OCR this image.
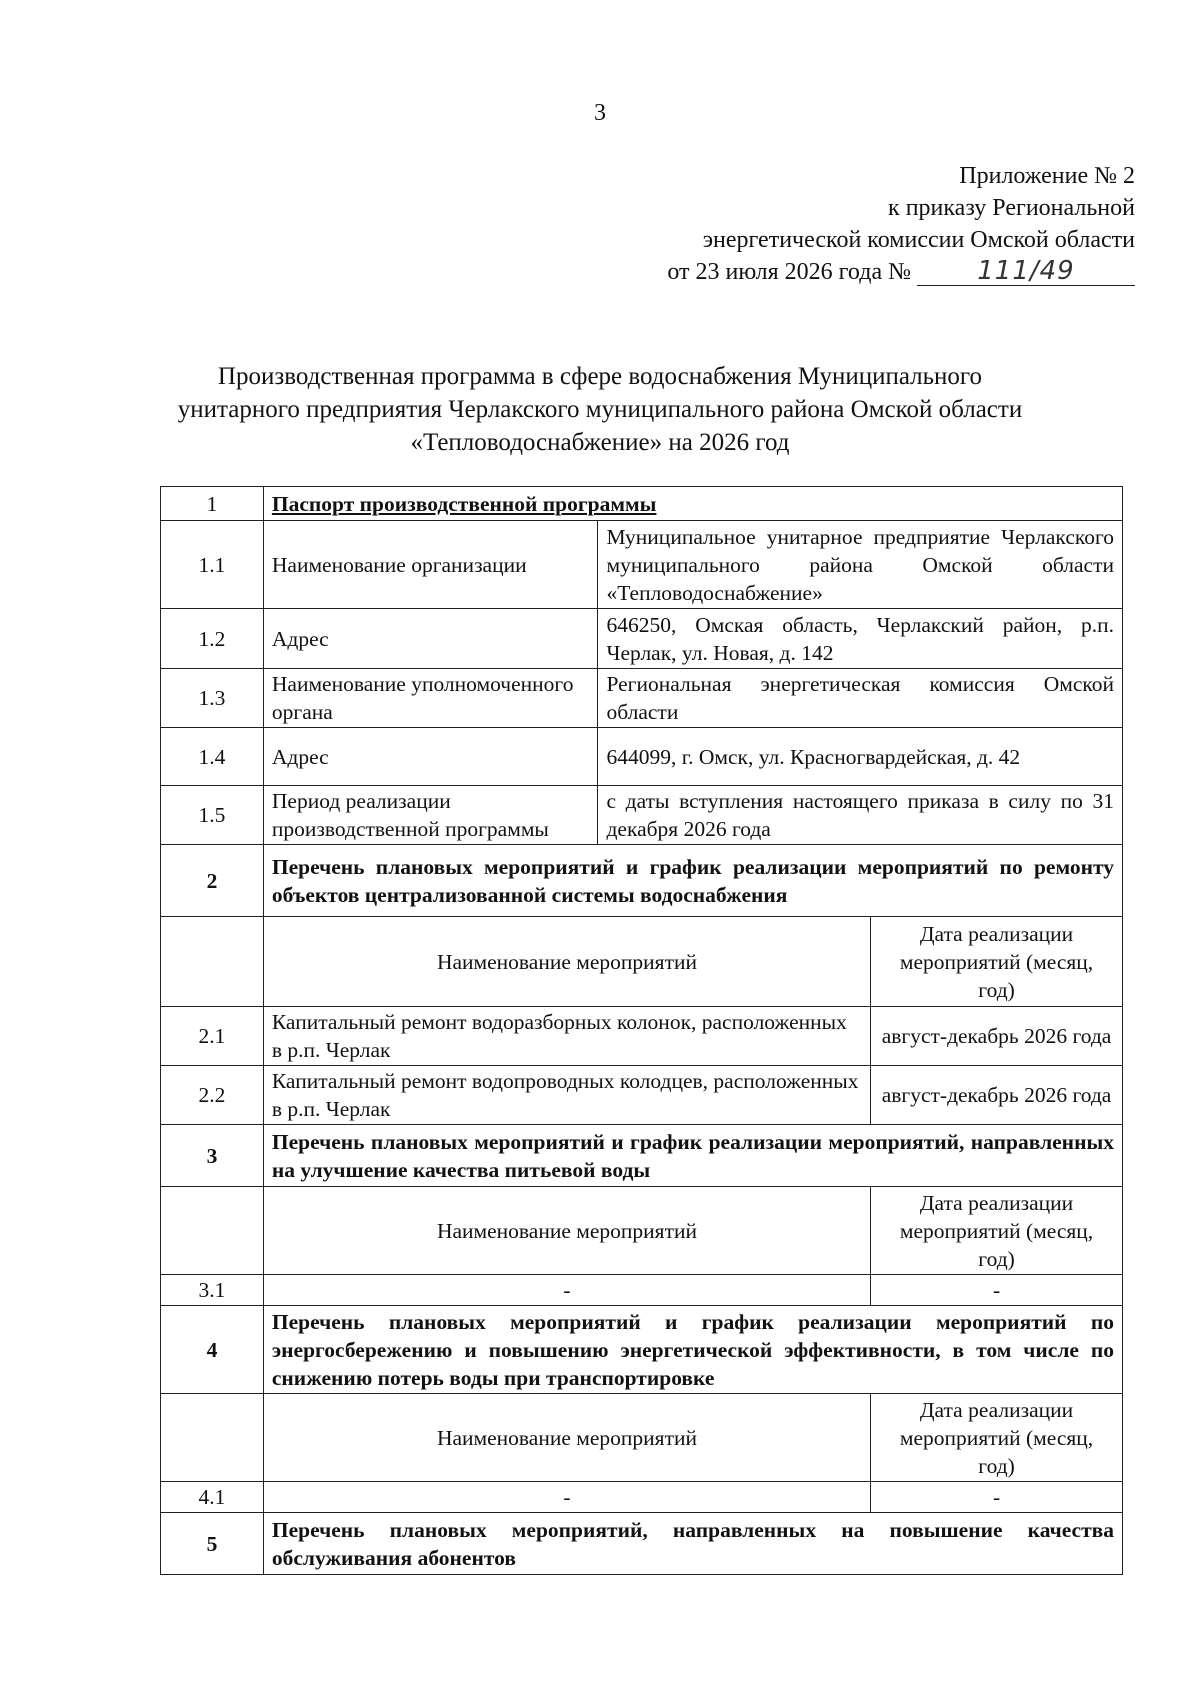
3
Приложение № 2
к приказу Региональной
энергетической комиссии Омской области
от 23 июля 2026 года №	111/49
Производственная программа в сфере водоснабжения Муниципального
унитарного предприятия Черлакского муниципального района Омской области
«Тепловодоснабжение» на 2026 год
1	Паспорт производственной программы		
1.1	Наименование организации	Муниципальное унитарное предприятие Черлакского муниципального района Омской области «Тепловодоснабжение»	
1.2	Адрес	646250, Омская область, Черлакский район, р.п. Черлак, ул. Новая, д. 142	
1.3	Наименование уполномоченного органа	Региональная энергетическая комиссия Омской области	
1.4	Адрес	644099, г. Омск, ул. Красногвардейская, д. 42	
1.5	Период реализации производственной программы	с даты вступления настоящего приказа в силу по 31 декабря 2026 года	
2	Перечень плановых мероприятий и график реализации мероприятий по ремонту объектов централизованной системы водоснабжения		
	Наименование мероприятий		Дата реализации мероприятий (месяц, год)
2.1	Капитальный ремонт водоразборных колонок, расположенных в р.п. Черлак		август-декабрь 2026 года
2.2	Капитальный ремонт водопроводных колодцев, расположенных в р.п. Черлак		август-декабрь 2026 года
3	Перечень плановых мероприятий и график реализации мероприятий, направленных на улучшение качества питьевой воды		
	Наименование мероприятий		Дата реализации мероприятий (месяц, год)
3.1	-		-
4	Перечень плановых мероприятий и график реализации мероприятий по энергосбережению и повышению энергетической эффективности, в том числе по снижению потерь воды при транспортировке		
	Наименование мероприятий		Дата реализации мероприятий (месяц, год)
4.1	-		-
5	Перечень плановых мероприятий, направленных на повышение качества обслуживания абонентов		
